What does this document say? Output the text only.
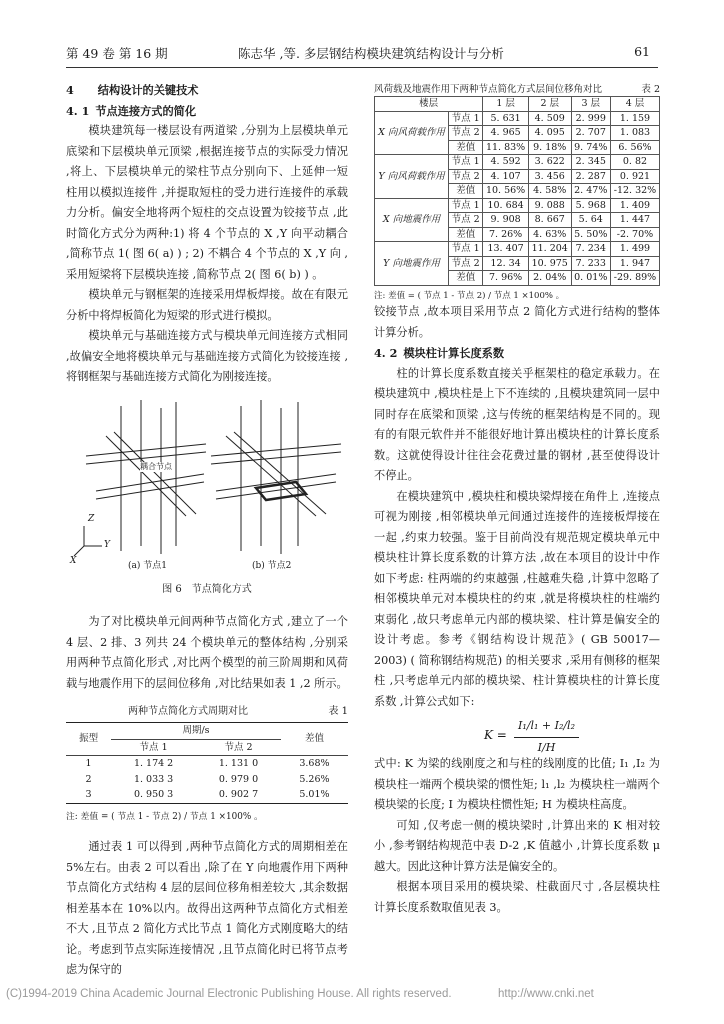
第 49 卷 第 16 期	陈志华 ,等. 多层钢结构模块建筑结构设计与分析	61
4 结构设计的关键技术
4. 1 节点连接方式的简化

模块建筑每一楼层设有两道梁 ,分别为上层模块单元底梁和下层模块单元顶梁 ,根据连接节点的实际受力情况 ,将上、下层模块单元的梁柱节点分别向下、上延伸一短柱用以模拟连接件 ,并提取短柱的受力进行连接件的承载力分析。偏安全地将两个短柱的交点设置为铰接节点 ,此时简化方式分为两种:1) 将 4 个节点的 X ,Y 向平动耦合 ,简称节点 1( 图 6( a) ) ; 2) 不耦合 4 个节点的 X ,Y 向 ,采用短梁将下层模块连接 ,简称节点 2( 图 6( b) ) 。

模块单元与钢框架的连接采用焊板焊接。故在有限元分析中将焊板简化为短梁的形式进行模拟。

模块单元与基础连接方式与模块单元间连接方式相同 ,故偏安全地将模块单元与基础连接方式简化为铰接连接 ,将钢框架与基础连接方式简化为刚接连接。

耦合节点
Z
Y
X	(a) 节点1	(b) 节点2
图 6　节点简化方式

为了对比模块单元间两种节点简化方式 ,建立了一个 4 层、2 排、3 列共 24 个模块单元的整体结构 ,分别采用两种节点简化形式 ,对比两个模型的前三阶周期和风荷载与地震作用下的层间位移角 ,对比结果如表 1 ,2 所示。

两种节点简化方式周期对比	表 1
振型	周期/s		差值
	节点 1	节点 2	
1	1. 174 2	1. 131 0	3.68%
2	1. 033 3	0. 979 0	5.26%
3	0. 950 3	0. 902 7	5.01%

注: 差值 = ( 节点 1 - 节点 2) / 节点 1 ×100% 。

通过表 1 可以得到 ,两种节点简化方式的周期相差在 5%左右。由表 2 可以看出 ,除了在 Y 向地震作用下两种节点简化方式结构 4 层的层间位移角相差较大 ,其余数据相差基本在 10%以内。故得出这两种节点简化方式相差不大 ,且节点 2 简化方式比节点 1 简化方式刚度略大的结论。考虑到节点实际连接情况 ,且节点简化时已将节点考虑为保守的

风荷载及地震作用下两种节点简化方式层间位移角对比	表 2
楼层		1 层	2 层	3 层	4 层
X 向风荷载作用	节点 1	5. 631	4. 509	2. 999	1. 159
	节点 2	4. 965	4. 095	2. 707	1. 083
	差值	11. 83%	9. 18%	9. 74%	6. 56%
Y 向风荷载作用	节点 1	4. 592	3. 622	2. 345	0. 82
	节点 2	4. 107	3. 456	2. 287	0. 921
	差值	10. 56%	4. 58%	2. 47%	-12. 32%
X 向地震作用	节点 1	10. 684	9. 088	5. 968	1. 409
	节点 2	9. 908	8. 667	5. 64	1. 447
	差值	7. 26%	4. 63%	5. 50%	-2. 70%
Y 向地震作用	节点 1	13. 407	11. 204	7. 234	1. 499
	节点 2	12. 34	10. 975	7. 233	1. 947
	差值	7. 96%	2. 04%	0. 01%	-29. 89%
注: 差值 = ( 节点 1 - 节点 2) / 节点 1 ×100% 。

铰接节点 ,故本项目采用节点 2 简化方式进行结构的整体计算分析。

4. 2 模块柱计算长度系数

柱的计算长度系数直接关乎框架柱的稳定承载力。在模块建筑中 ,模块柱是上下不连续的 ,且模块建筑同一层中同时存在底梁和顶梁 ,这与传统的框架结构是不同的。现有的有限元软件并不能很好地计算出模块柱的计算长度系数。这就使得设计往往会花费过量的钢材 ,甚至使得设计不停止。

在模块建筑中 ,模块柱和模块梁焊接在角件上 ,连接点可视为刚接 ,相邻模块单元间通过连接件的连接板焊接在一起 ,约束力较强。鉴于目前尚没有规范规定模块单元中模块柱计算长度系数的计算方法 ,故在本项目的设计中作如下考虑: 柱两端的约束越强 ,柱越难失稳 ,计算中忽略了相邻模块单元对本模块柱的约束 ,就是将模块柱的柱端约束弱化 ,故只考虑单元内部的模块梁、柱计算是偏安全的设计考虑。参考《钢结构设计规范》( GB 50017—2003) ( 简称钢结构规范) 的相关要求 ,采用有侧移的框架柱 ,只考虑单元内部的模块梁、柱计算模块柱的计算长度系数 ,计算公式如下:

$K = \frac{\text{I₁/l₁ + I₂/l₂}}{I/H}$

式中: K 为梁的线刚度之和与柱的线刚度的比值; I₁ ,I₂ 为模块柱一端两个模块梁的惯性矩; l₁ ,l₂ 为模块柱一端两个模块梁的长度; I 为模块柱惯性矩; H 为模块柱高度。

可知 ,仅考虑一侧的模块梁时 ,计算出来的 K 相对较小 ,参考钢结构规范中表 D-2 ,K 值越小 ,计算长度系数 μ 越大。因此这种计算方法是偏安全的。

根据本项目采用的模块梁、柱截面尺寸 ,各层模块柱计算长度系数取值见表 3。

(C)1994-2019 China Academic Journal Electronic Publishing House. All rights reserved.	http://www.cnki.net
